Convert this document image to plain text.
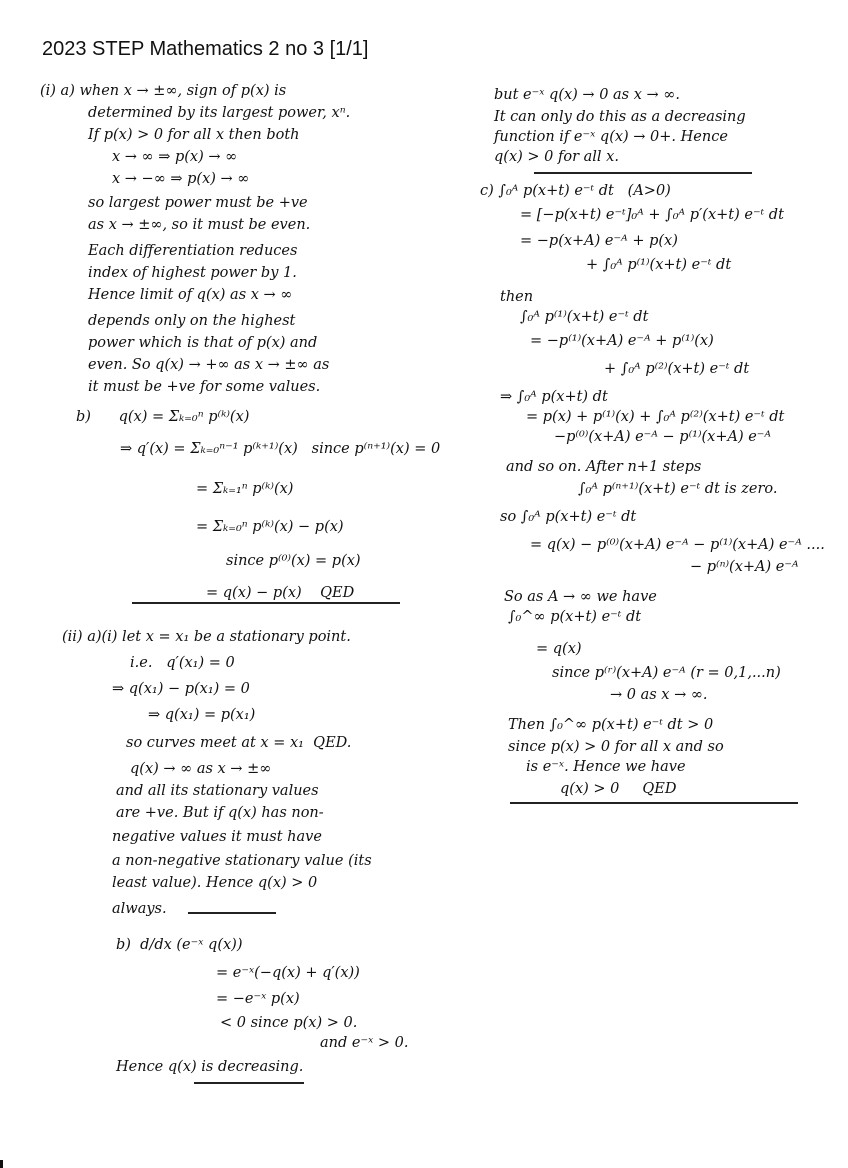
2023 STEP Mathematics 2 no 3 [1/1]
(i) a) when x → ±∞, sign of p(x) is
determined by its largest power, xⁿ.
If p(x) > 0 for all x then both
x → ∞ ⇒ p(x) → ∞
x → −∞ ⇒ p(x) → ∞
so largest power must be +ve
as x → ±∞, so it must be even.
Each differentiation reduces
index of highest power by 1.
Hence limit of q(x) as x → ∞
depends only on the highest
power which is that of p(x) and
even. So q(x) → +∞ as x → ±∞ as
it must be +ve for some values.
b)      q(x) = Σₖ₌₀ⁿ p⁽ᵏ⁾(x)
⇒ q′(x) = Σₖ₌₀ⁿ⁻¹ p⁽ᵏ⁺¹⁾(x)   since p⁽ⁿ⁺¹⁾(x) = 0
= Σₖ₌₁ⁿ p⁽ᵏ⁾(x)
= Σₖ₌₀ⁿ p⁽ᵏ⁾(x) − p(x)
since p⁽⁰⁾(x) = p(x)
= q(x) − p(x)    QED
(ii) a)(i) let x = x₁ be a stationary point.
i.e.   q′(x₁) = 0
⇒ q(x₁) − p(x₁) = 0
⇒ q(x₁) = p(x₁)
so curves meet at x = x₁  QED.
q(x) → ∞ as x → ±∞
and all its stationary values
are +ve. But if q(x) has non-
negative values it must have
a non-negative stationary value (its
least value). Hence q(x) > 0
always.
b)  d/dx (e⁻ˣ q(x))
= e⁻ˣ(−q(x) + q′(x))
= −e⁻ˣ p(x)
< 0 since p(x) > 0.
and e⁻ˣ > 0.
Hence q(x) is decreasing.
but e⁻ˣ q(x) → 0 as x → ∞.
It can only do this as a decreasing
function if e⁻ˣ q(x) → 0+. Hence
q(x) > 0 for all x.
c) ∫₀ᴬ p(x+t) e⁻ᵗ dt   (A>0)
= [−p(x+t) e⁻ᵗ]₀ᴬ + ∫₀ᴬ p′(x+t) e⁻ᵗ dt
= −p(x+A) e⁻ᴬ + p(x)
+ ∫₀ᴬ p⁽¹⁾(x+t) e⁻ᵗ dt
then
∫₀ᴬ p⁽¹⁾(x+t) e⁻ᵗ dt
= −p⁽¹⁾(x+A) e⁻ᴬ + p⁽¹⁾(x)
+ ∫₀ᴬ p⁽²⁾(x+t) e⁻ᵗ dt
⇒ ∫₀ᴬ p(x+t) dt
= p(x) + p⁽¹⁾(x) + ∫₀ᴬ p⁽²⁾(x+t) e⁻ᵗ dt
−p⁽⁰⁾(x+A) e⁻ᴬ − p⁽¹⁾(x+A) e⁻ᴬ
and so on. After n+1 steps
∫₀ᴬ p⁽ⁿ⁺¹⁾(x+t) e⁻ᵗ dt is zero.
so ∫₀ᴬ p(x+t) e⁻ᵗ dt
= q(x) − p⁽⁰⁾(x+A) e⁻ᴬ − p⁽¹⁾(x+A) e⁻ᴬ ....
− p⁽ⁿ⁾(x+A) e⁻ᴬ
So as A → ∞ we have
∫₀^∞ p(x+t) e⁻ᵗ dt
= q(x)
since p⁽ʳ⁾(x+A) e⁻ᴬ (r = 0,1,...n)
→ 0 as x → ∞.
Then ∫₀^∞ p(x+t) e⁻ᵗ dt > 0
since p(x) > 0 for all x and so
is e⁻ˣ. Hence we have
q(x) > 0     QED
